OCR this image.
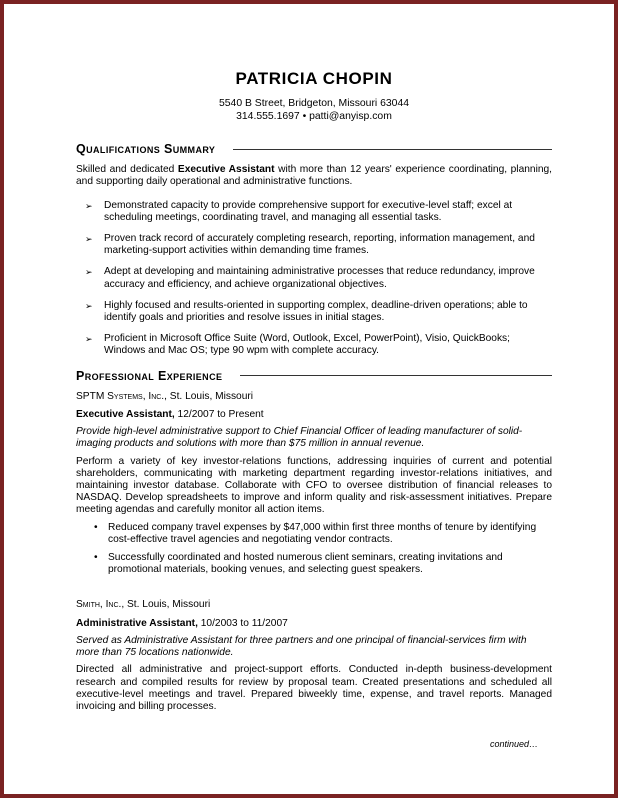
PATRICIA CHOPIN
5540 B Street, Bridgeton, Missouri 63044
314.555.1697 • patti@anyisp.com
Qualifications Summary
Skilled and dedicated Executive Assistant with more than 12 years' experience coordinating, planning, and supporting daily operational and administrative functions.
➢ Demonstrated capacity to provide comprehensive support for executive-level staff; excel at scheduling meetings, coordinating travel, and managing all essential tasks.
➢ Proven track record of accurately completing research, reporting, information management, and marketing-support activities within demanding time frames.
➢ Adept at developing and maintaining administrative processes that reduce redundancy, improve accuracy and efficiency, and achieve organizational objectives.
➢ Highly focused and results-oriented in supporting complex, deadline-driven operations; able to identify goals and priorities and resolve issues in initial stages.
➢ Proficient in Microsoft Office Suite (Word, Outlook, Excel, PowerPoint), Visio, QuickBooks; Windows and Mac OS; type 90 wpm with complete accuracy.
Professional Experience
SPTM Systems, Inc., St. Louis, Missouri
Executive Assistant, 12/2007 to Present
Provide high-level administrative support to Chief Financial Officer of leading manufacturer of solid-imaging products and solutions with more than $75 million in annual revenue.
Perform a variety of key investor-relations functions, addressing inquiries of current and potential shareholders, communicating with marketing department regarding investor-relations initiatives, and maintaining investor database. Collaborate with CFO to oversee distribution of financial releases to NASDAQ. Develop spreadsheets to improve and inform quality and risk-assessment initiatives. Prepare meeting agendas and carefully monitor all action items.
• Reduced company travel expenses by $47,000 within first three months of tenure by identifying cost-effective travel agencies and negotiating vendor contracts.
• Successfully coordinated and hosted numerous client seminars, creating invitations and promotional materials, booking venues, and selecting guest speakers.
Smith, Inc., St. Louis, Missouri
Administrative Assistant, 10/2003 to 11/2007
Served as Administrative Assistant for three partners and one principal of financial-services firm with more than 75 locations nationwide.
Directed all administrative and project-support efforts. Conducted in-depth business-development research and compiled results for review by proposal team. Created presentations and scheduled all executive-level meetings and travel. Prepared biweekly time, expense, and travel reports. Managed invoicing and billing processes.
continued…
